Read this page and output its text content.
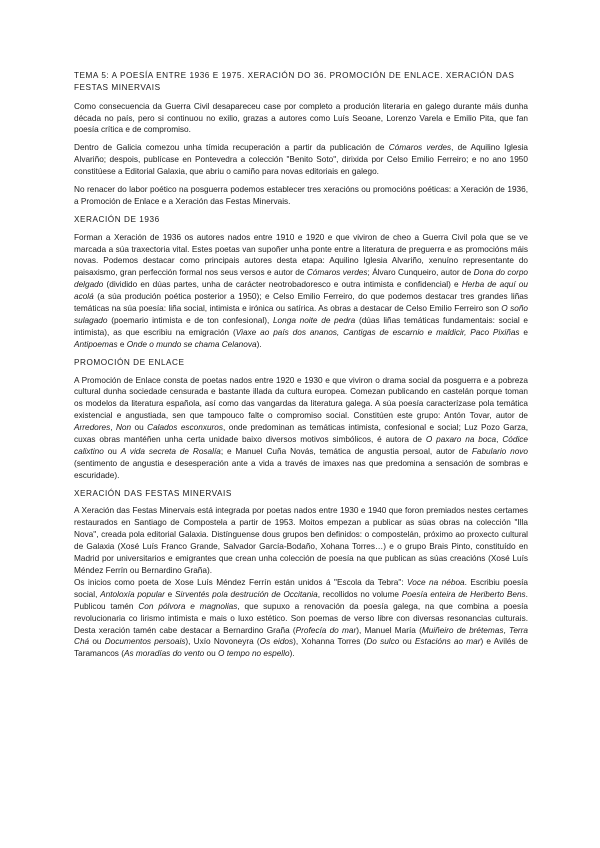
TEMA 5: A POESÍA ENTRE 1936 E 1975. XERACIÓN DO 36. PROMOCIÓN DE ENLACE. XERACIÓN DAS FESTAS MINERVAIS

Como consecuencia da Guerra Civil desapareceu case por completo a produción literaria en galego durante máis dunha década no país, pero si continuou no exilio, grazas a autores como Luís Seoane, Lorenzo Varela e Emilio Pita, que fan poesía crítica e de compromiso.

Dentro de Galicia comezou unha tímida recuperación a partir da publicación de Cómaros verdes, de Aquilino Iglesia Alvariño; despois, publícase en Pontevedra a colección "Benito Soto", dirixida por Celso Emilio Ferreiro; e no ano 1950 constitúese a Editorial Galaxia, que abriu o camiño para novas editoriais en galego.

No renacer do labor poético na posguerra podemos establecer tres xeracións ou promocións poéticas: a Xeración de 1936, a Promoción de Enlace e a Xeración das Festas Minervais.

XERACIÓN DE 1936

Forman a Xeración de 1936 os autores nados entre 1910 e 1920 e que viviron de cheo a Guerra Civil pola que se ve marcada a súa traxectoria vital. Estes poetas van supoñer unha ponte entre a literatura de preguerra e as promocións máis novas. Podemos destacar como principais autores desta etapa: Aquilino Iglesia Alvariño, xenuíno representante do paisaxismo, gran perfección formal nos seus versos e autor de Cómaros verdes; Álvaro Cunqueiro, autor de Dona do corpo delgado (dividido en dúas partes, unha de carácter neotrobadoresco e outra intimista e confidencial) e Herba de aquí ou acolá (a súa produción poética posterior a 1950); e Celso Emilio Ferreiro, do que podemos destacar tres grandes liñas temáticas na súa poesía: liña social, intimista e irónica ou satírica. As obras a destacar de Celso Emilio Ferreiro son O soño sulagado (poemario intimista e de ton confesional), Longa noite de pedra (dúas liñas temáticas fundamentais: social e intimista), as que escribiu na emigración (Viaxe ao país dos ananos, Cantigas de escarnio e maldicir, Paco Pixiñas e Antipoemas e Onde o mundo se chama Celanova).

PROMOCIÓN DE ENLACE

A Promoción de Enlace consta de poetas nados entre 1920 e 1930 e que viviron o drama social da posguerra e a pobreza cultural dunha sociedade censurada e bastante illada da cultura europea. Comezan publicando en castelán porque toman os modelos da literatura española, así como das vangardas da literatura galega. A súa poesía caracterízase pola temática existencial e angustiada, sen que tampouco falte o compromiso social. Constitúen este grupo: Antón Tovar, autor de Arredores, Non ou Calados esconxuros, onde predominan as temáticas intimista, confesional e social; Luz Pozo Garza, cuxas obras mantéñen unha certa unidade baixo diversos motivos simbólicos, é autora de O paxaro na boca, Códice calixtino ou A vida secreta de Rosalía; e Manuel Cuña Novás, temática de angustia persoal, autor de Fabulario novo (sentimento de angustia e desesperación ante a vida a través de imaxes nas que predomina a sensación de sombras e escuridade).

XERACIÓN DAS FESTAS MINERVAIS

A Xeración das Festas Minervais está integrada por poetas nados entre 1930 e 1940 que foron premiados nestes certames restaurados en Santiago de Compostela a partir de 1953. Moitos empezan a publicar as súas obras na colección "Illa Nova", creada pola editorial Galaxia. Distínguense dous grupos ben definidos: o compostelán, próximo ao proxecto cultural de Galaxia (Xosé Luís Franco Grande, Salvador García-Bodaño, Xohana Torres…) e o grupo Brais Pinto, constituído en Madrid por universitarios e emigrantes que crean unha colección de poesía na que publican as súas creacións (Xosé Luís Méndez Ferrín ou Bernardino Graña).

Os inicios como poeta de Xose Luís Méndez Ferrín están unidos á "Escola da Tebra": Voce na néboa. Escribiu poesía social, Antoloxía popular e Sirventés pola destrución de Occitania, recollidos no volume Poesía enteira de Heriberto Bens. Publicou tamén Con pólvora e magnolias, que supuxo a renovación da poesía galega, na que combina a poesía revolucionaria co lirismo intimista e mais o luxo estético. Son poemas de verso libre con diversas resonancias culturais. Desta xeración tamén cabe destacar a Bernardino Graña (Profecía do mar), Manuel María (Muiñeiro de brétemas, Terra Chá ou Documentos persoais), Uxío Novoneyra (Os eidos), Xohanna Torres (Do sulco ou Estacións ao mar) e Avilés de Taramancos (As moradías do vento ou O tempo no espello).
